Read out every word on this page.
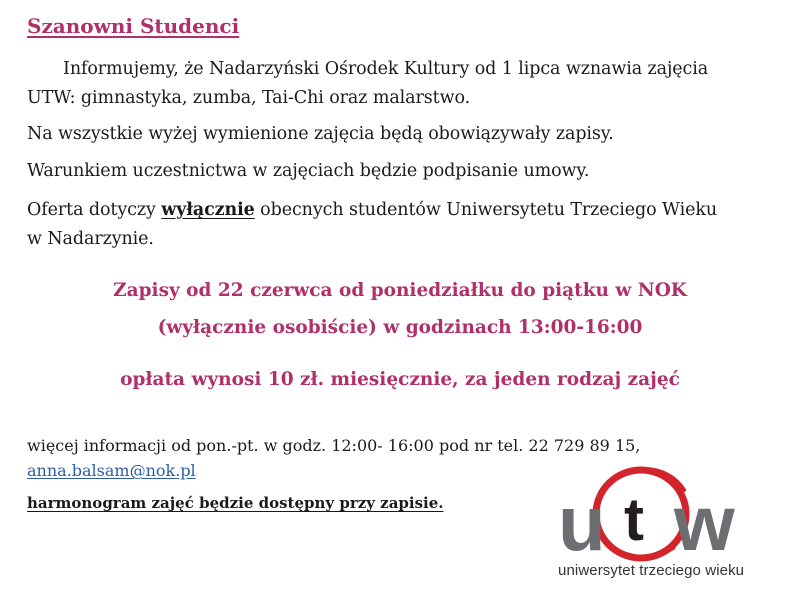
Szanowni Studenci
Informujemy, że Nadarzyński Ośrodek Kultury od 1 lipca wznawia zajęcia
UTW: gimnastyka, zumba, Tai-Chi oraz malarstwo.
Na wszystkie wyżej wymienione zajęcia będą obowiązywały zapisy.
Warunkiem uczestnictwa w zajęciach będzie podpisanie umowy.
Oferta dotyczy wyłącznie obecnych studentów Uniwersytetu Trzeciego Wieku
w Nadarzynie.
Zapisy od 22 czerwca od poniedziałku do piątku w NOK
(wyłącznie osobiście) w godzinach 13:00-16:00
opłata wynosi 10 zł. miesięcznie, za jeden rodzaj zajęć
więcej informacji od pon.-pt. w godz. 12:00- 16:00 pod nr tel. 22 729 89 15,
anna.balsam@nok.pl
harmonogram zajęć będzie dostępny przy zapisie. u t w
uniwersytet trzeciego wieku
